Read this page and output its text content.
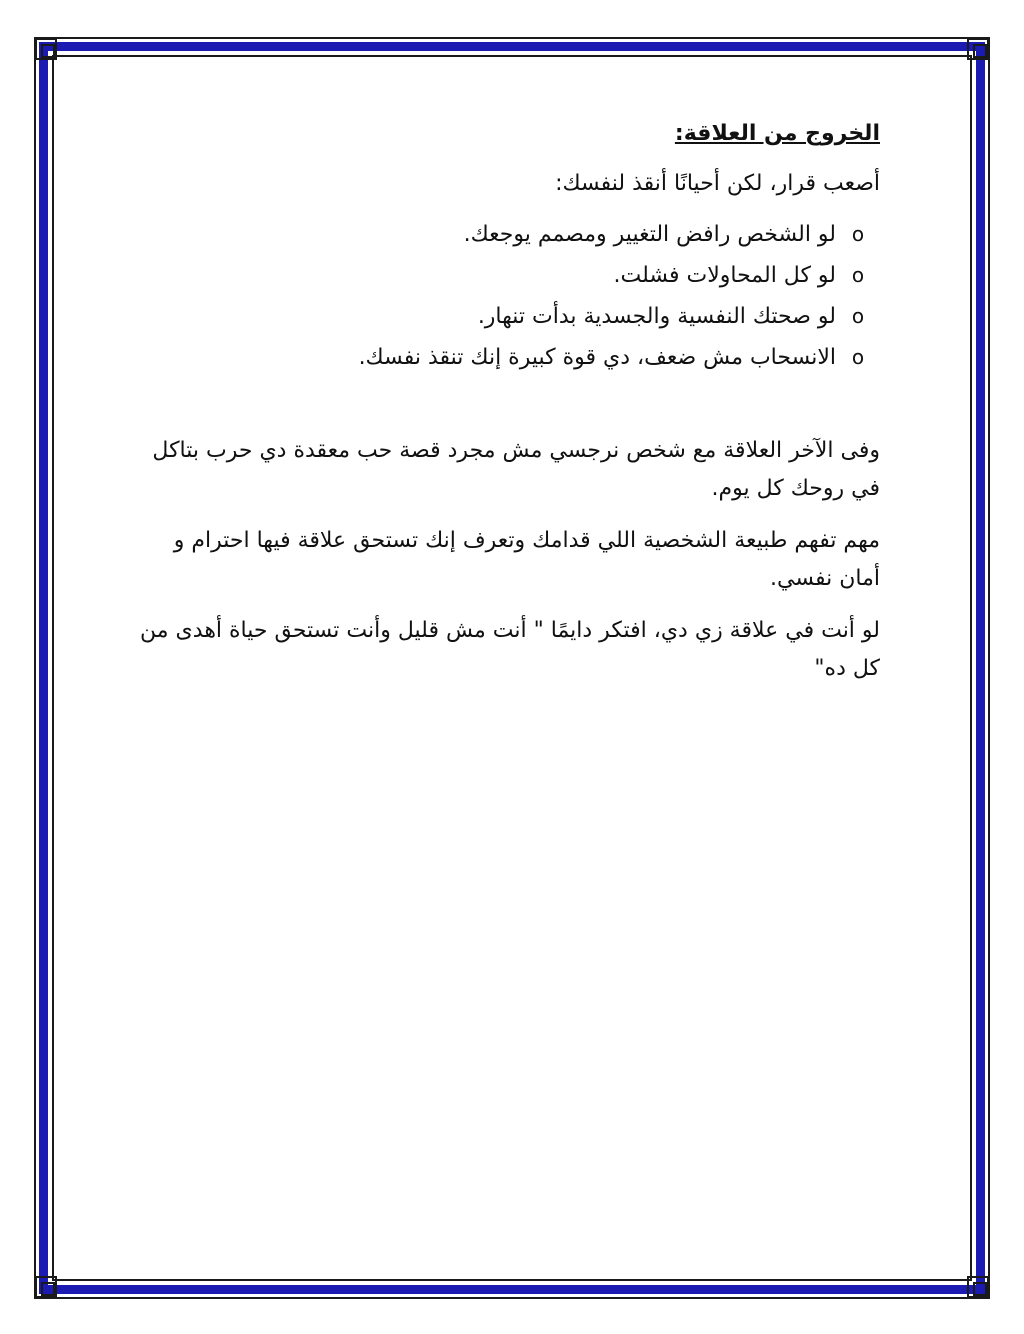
الخروج من العلاقة:
أصعب قرار، لكن أحيانًا أنقذ لنفسك:
o
لو الشخص رافض التغيير ومصمم يوجعك.
o
لو كل المحاولات فشلت.
o
لو صحتك النفسية والجسدية بدأت تنهار.
o
الانسحاب مش ضعف، دي قوة كبيرة إنك تنقذ نفسك.

وفى الآخر العلاقة مع شخص نرجسي مش مجرد قصة حب معقدة دي حرب بتاكل في روحك كل يوم.

مهم تفهم طبيعة الشخصية اللي قدامك وتعرف إنك تستحق علاقة فيها احترام و أمان نفسي.

لو أنت في علاقة زي دي، افتكر دايمًا " أنت مش قليل وأنت تستحق حياة أهدى من كل ده"
